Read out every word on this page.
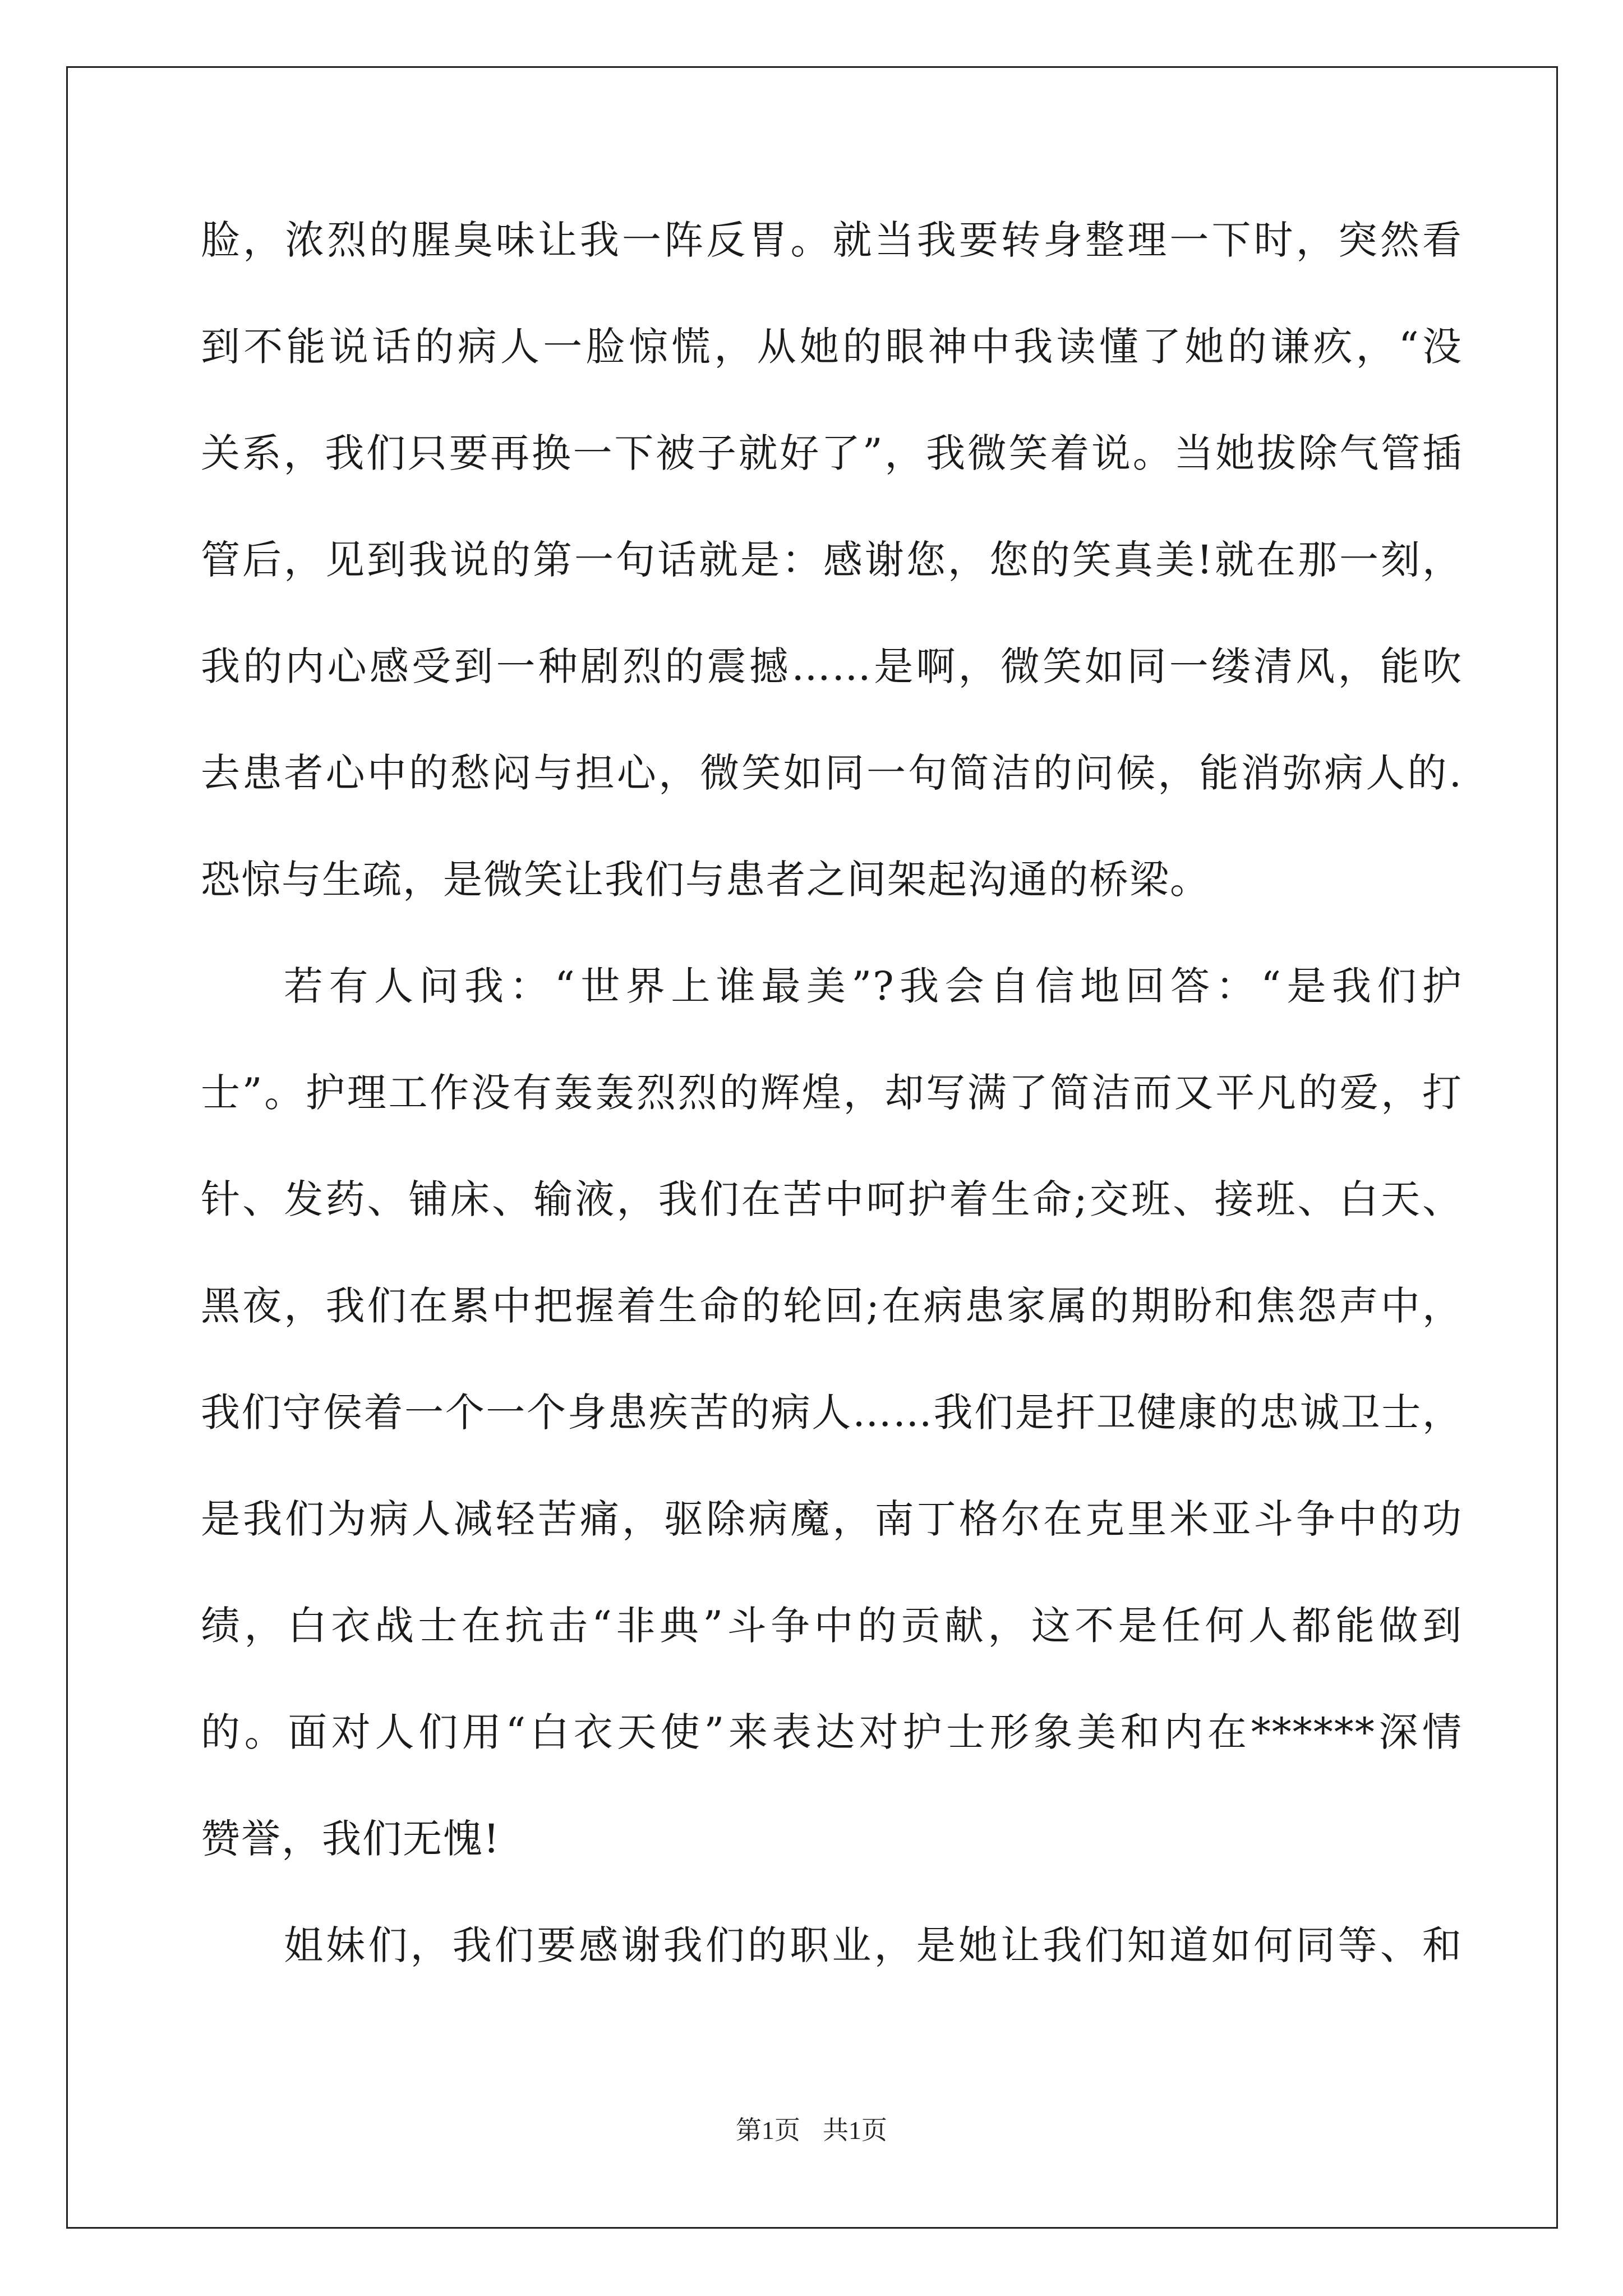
脸，浓烈的腥臭味让我一阵反胃。就当我要转身整理一下时，突然看
到不能说话的病人一脸惊慌，从她的眼神中我读懂了她的谦疚，“没
关系，我们只要再换一下被子就好了”，我微笑着说。当她拔除气管插
管后，见到我说的第一句话就是：感谢您，您的笑真美!就在那一刻，
我的内心感受到一种剧烈的震撼……是啊，微笑如同一缕清风，能吹
去患者心中的愁闷与担心，微笑如同一句简洁的问候，能消弥病人的.
恐惊与生疏，是微笑让我们与患者之间架起沟通的桥梁。
若有人问我：“世界上谁最美”?我会自信地回答：“是我们护
士”。护理工作没有轰轰烈烈的辉煌，却写满了简洁而又平凡的爱，打
针、发药、铺床、输液，我们在苦中呵护着生命;交班、接班、白天、
黑夜，我们在累中把握着生命的轮回;在病患家属的期盼和焦怨声中，
我们守侯着一个一个身患疾苦的病人……我们是扞卫健康的忠诚卫士，
是我们为病人减轻苦痛，驱除病魔，南丁格尔在克里米亚斗争中的功
绩，白衣战士在抗击“非典”斗争中的贡献，这不是任何人都能做到
的。面对人们用“白衣天使”来表达对护士形象美和内在******深情
赞誉，我们无愧!
姐妹们，我们要感谢我们的职业，是她让我们知道如何同等、和
第1页 共1页
